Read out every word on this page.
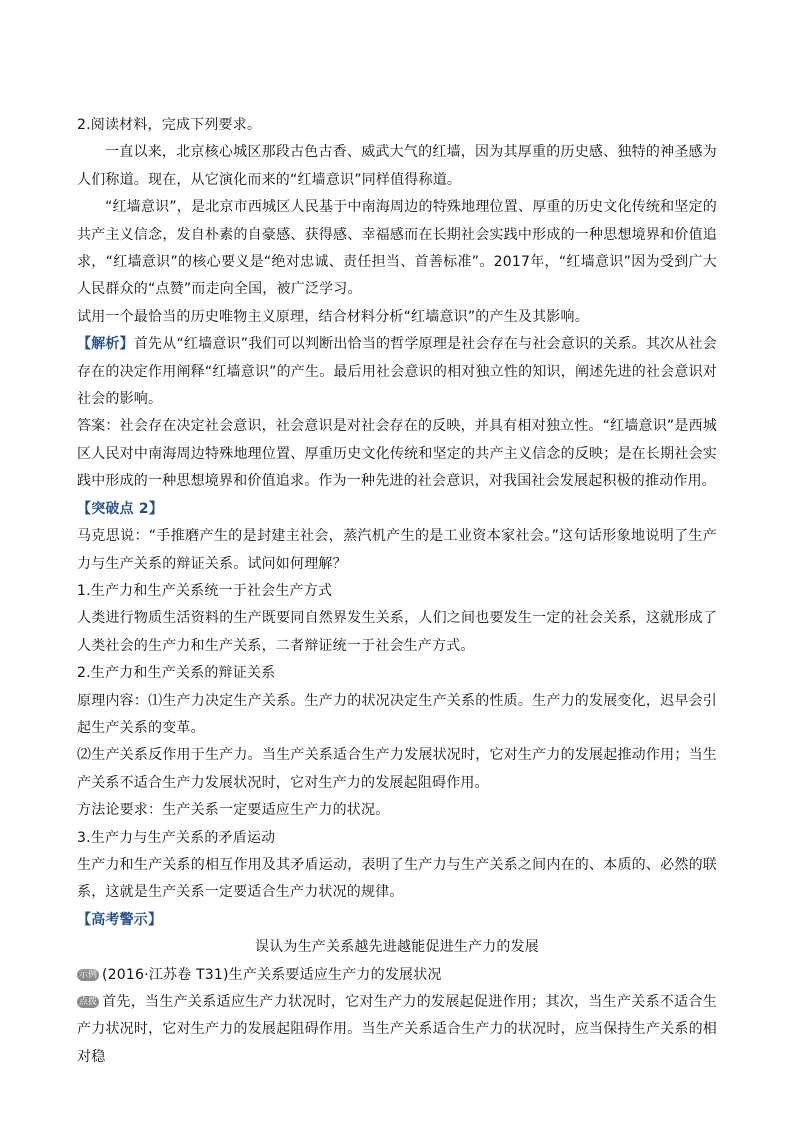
2.阅读材料，完成下列要求。

一直以来，北京核心城区那段古色古香、威武大气的红墙，因为其厚重的历史感、独特的神圣感为人们称道。现在，从它演化而来的“红墙意识”同样值得称道。

“红墙意识”，是北京市西城区人民基于中南海周边的特殊地理位置、厚重的历史文化传统和坚定的共产主义信念，发自朴素的自豪感、获得感、幸福感而在长期社会实践中形成的一种思想境界和价值追求，“红墙意识”的核心要义是“绝对忠诚、责任担当、首善标准”。2017年，“红墙意识”因为受到广大人民群众的“点赞”而走向全国，被广泛学习。

试用一个最恰当的历史唯物主义原理，结合材料分析“红墙意识”的产生及其影响。

【解析】首先从“红墙意识”我们可以判断出恰当的哲学原理是社会存在与社会意识的关系。其次从社会存在的决定作用阐释“红墙意识”的产生。最后用社会意识的相对独立性的知识，阐述先进的社会意识对社会的影响。

答案：社会存在决定社会意识，社会意识是对社会存在的反映，并具有相对独立性。“红墙意识”是西城区人民对中南海周边特殊地理位置、厚重历史文化传统和坚定的共产主义信念的反映；是在长期社会实践中形成的一种思想境界和价值追求。作为一种先进的社会意识，对我国社会发展起积极的推动作用。

【突破点 2】

马克思说：“手推磨产生的是封建主社会，蒸汽机产生的是工业资本家社会。”这句话形象地说明了生产力与生产关系的辩证关系。试问如何理解？

1.生产力和生产关系统一于社会生产方式

人类进行物质生活资料的生产既要同自然界发生关系，人们之间也要发生一定的社会关系，这就形成了人类社会的生产力和生产关系，二者辩证统一于社会生产方式。

2.生产力和生产关系的辩证关系

原理内容：⑴生产力决定生产关系。生产力的状况决定生产关系的性质。生产力的发展变化，迟早会引起生产关系的变革。

⑵生产关系反作用于生产力。当生产关系适合生产力发展状况时，它对生产力的发展起推动作用；当生产关系不适合生产力发展状况时，它对生产力的发展起阻碍作用。

方法论要求：生产关系一定要适应生产力的状况。

3.生产力与生产关系的矛盾运动

生产力和生产关系的相互作用及其矛盾运动，表明了生产力与生产关系之间内在的、本质的、必然的联系，这就是生产关系一定要适合生产力状况的规律。

【高考警示】

误认为生产关系越先进越能促进生产力的发展

示例 (2016·江苏卷 T31)生产关系要适应生产力的发展状况

点拨 首先，当生产关系适应生产力状况时，它对生产力的发展起促进作用；其次，当生产关系不适合生产力状况时，它对生产力的发展起阻碍作用。当生产关系适合生产力的状况时，应当保持生产关系的相对稳
